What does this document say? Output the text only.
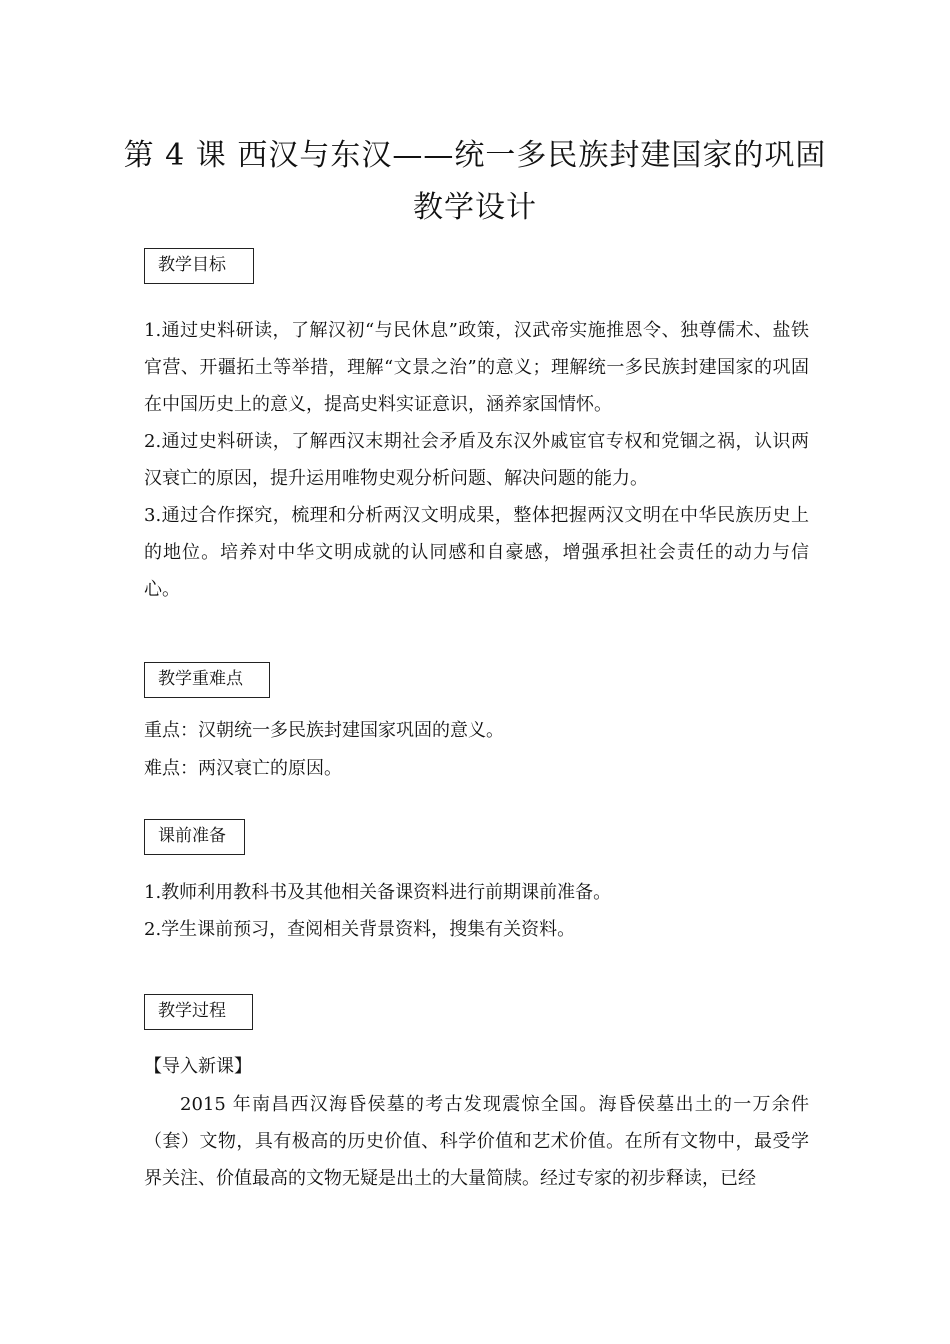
第 4 课 西汉与东汉——统一多民族封建国家的巩固
教学设计
教学目标

1.通过史料研读，了解汉初“与民休息”政策，汉武帝实施推恩令、独尊儒术、盐铁官营、开疆拓土等举措，理解“文景之治”的意义；理解统一多民族封建国家的巩固在中国历史上的意义，提高史料实证意识，涵养家国情怀。

2.通过史料研读，了解西汉末期社会矛盾及东汉外戚宦官专权和党锢之祸，认识两汉衰亡的原因，提升运用唯物史观分析问题、解决问题的能力。

3.通过合作探究，梳理和分析两汉文明成果，整体把握两汉文明在中华民族历史上的地位。培养对中华文明成就的认同感和自豪感，增强承担社会责任的动力与信心。

教学重难点
重点：汉朝统一多民族封建国家巩固的意义。
难点：两汉衰亡的原因。
课前准备
1.教师利用教科书及其他相关备课资料进行前期课前准备。
2.学生课前预习，查阅相关背景资料，搜集有关资料。
教学过程
【导入新课】

2015 年南昌西汉海昏侯墓的考古发现震惊全国。海昏侯墓出土的一万余件（套）文物，具有极高的历史价值、科学价值和艺术价值。在所有文物中，最受学界关注、价值最高的文物无疑是出土的大量简牍。经过专家的初步释读，已经
